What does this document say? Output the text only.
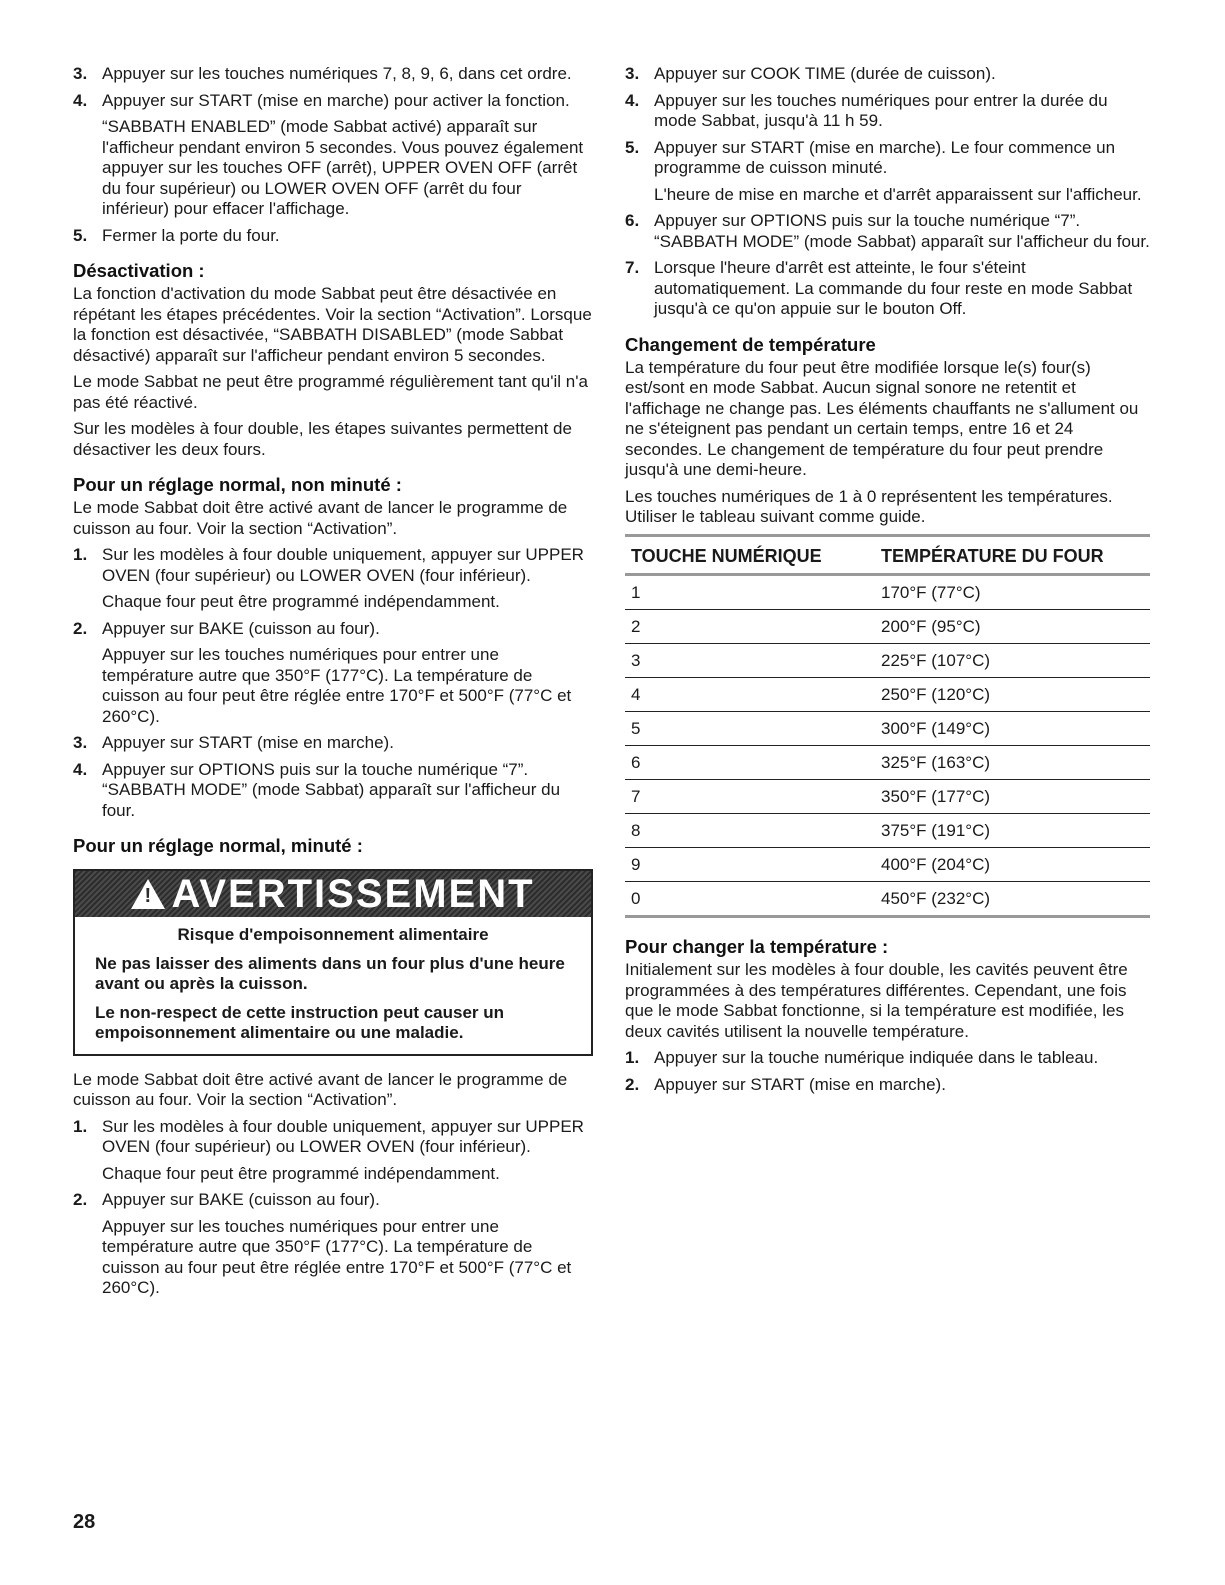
3. Appuyer sur les touches numériques 7, 8, 9, 6, dans cet ordre.
4. Appuyer sur START (mise en marche) pour activer la fonction.
“SABBATH ENABLED” (mode Sabbat activé) apparaît sur l'afficheur pendant environ 5 secondes. Vous pouvez également appuyer sur les touches OFF (arrêt), UPPER OVEN OFF (arrêt du four supérieur) ou LOWER OVEN OFF (arrêt du four inférieur) pour effacer l'affichage.
5. Fermer la porte du four.
Désactivation :

La fonction d'activation du mode Sabbat peut être désactivée en répétant les étapes précédentes. Voir la section “Activation”. Lorsque la fonction est désactivée, “SABBATH DISABLED” (mode Sabbat désactivé) apparaît sur l'afficheur pendant environ 5 secondes.

Le mode Sabbat ne peut être programmé régulièrement tant qu'il n'a pas été réactivé.

Sur les modèles à four double, les étapes suivantes permettent de désactiver les deux fours.

Pour un réglage normal, non minuté :

Le mode Sabbat doit être activé avant de lancer le programme de cuisson au four. Voir la section “Activation”.

1. Sur les modèles à four double uniquement, appuyer sur UPPER OVEN (four supérieur) ou LOWER OVEN (four inférieur).
Chaque four peut être programmé indépendamment.
2. Appuyer sur BAKE (cuisson au four).
Appuyer sur les touches numériques pour entrer une température autre que 350°F (177°C). La température de cuisson au four peut être réglée entre 170°F et 500°F (77°C et 260°C).
3. Appuyer sur START (mise en marche).
4. Appuyer sur OPTIONS puis sur la touche numérique “7”. “SABBATH MODE” (mode Sabbat) apparaît sur l'afficheur du four.
Pour un réglage normal, minuté :
!AVERTISSEMENT
Risque d'empoisonnement alimentaire

Ne pas laisser des aliments dans un four plus d'une heure avant ou après la cuisson.

Le non-respect de cette instruction peut causer un empoisonnement alimentaire ou une maladie.

Le mode Sabbat doit être activé avant de lancer le programme de cuisson au four. Voir la section “Activation”.

1. Sur les modèles à four double uniquement, appuyer sur UPPER OVEN (four supérieur) ou LOWER OVEN (four inférieur).
Chaque four peut être programmé indépendamment.
2. Appuyer sur BAKE (cuisson au four).
Appuyer sur les touches numériques pour entrer une température autre que 350°F (177°C). La température de cuisson au four peut être réglée entre 170°F et 500°F (77°C et 260°C).
3. Appuyer sur COOK TIME (durée de cuisson).
4. Appuyer sur les touches numériques pour entrer la durée du mode Sabbat, jusqu'à 11 h 59.
5. Appuyer sur START (mise en marche). Le four commence un programme de cuisson minuté.
L'heure de mise en marche et d'arrêt apparaissent sur l'afficheur.
6. Appuyer sur OPTIONS puis sur la touche numérique “7”. “SABBATH MODE” (mode Sabbat) apparaît sur l'afficheur du four.
7. Lorsque l'heure d'arrêt est atteinte, le four s'éteint automatiquement. La commande du four reste en mode Sabbat jusqu'à ce qu'on appuie sur le bouton Off.
Changement de température

La température du four peut être modifiée lorsque le(s) four(s) est/sont en mode Sabbat. Aucun signal sonore ne retentit et l'affichage ne change pas. Les éléments chauffants ne s'allument ou ne s'éteignent pas pendant un certain temps, entre 16 et 24 secondes. Le changement de température du four peut prendre jusqu'à une demi-heure.

Les touches numériques de 1 à 0 représentent les températures. Utiliser le tableau suivant comme guide.

TOUCHE NUMÉRIQUE	TEMPÉRATURE DU FOUR
1	170°F (77°C)
2	200°F (95°C)
3	225°F (107°C)
4	250°F (120°C)
5	300°F (149°C)
6	325°F (163°C)
7	350°F (177°C)
8	375°F (191°C)
9	400°F (204°C)
0	450°F (232°C)
Pour changer la température :

Initialement sur les modèles à four double, les cavités peuvent être programmées à des températures différentes. Cependant, une fois que le mode Sabbat fonctionne, si la température est modifiée, les deux cavités utilisent la nouvelle température.

1. Appuyer sur la touche numérique indiquée dans le tableau.
2. Appuyer sur START (mise en marche).
28
